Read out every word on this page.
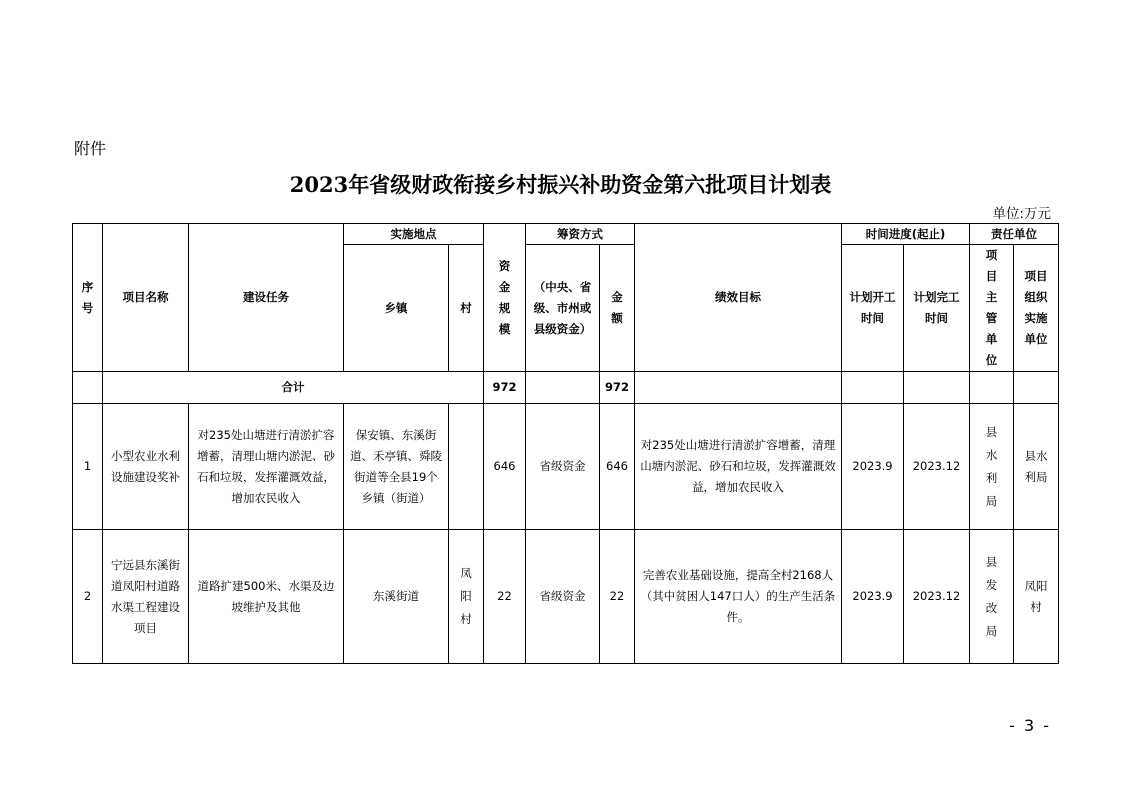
附件
2023年省级财政衔接乡村振兴补助资金第六批项目计划表
单位:万元
序号	项目名称	建设任务	实施地点		资金规模	筹资方式		绩效目标	时间进度(起止)		责任单位	
			乡镇	村		（中央、省级、市州或县级资金）	金额		计划开工时间	计划完工时间	项目主管单位	项目组织实施单位
	合计				972		972					
1	小型农业水利设施建设奖补	对235处山塘进行清淤扩容增蓄，清理山塘内淤泥、砂石和垃圾，发挥灌溉效益，增加农民收入	保安镇、东溪街道、禾亭镇、舜陵街道等全县19个乡镇（街道）		646	省级资金	646	对235处山塘进行清淤扩容增蓄，清理山塘内淤泥、砂石和垃圾，发挥灌溉效益，增加农民收入	2023.9	2023.12	县水利局	县水利局
2	宁远县东溪街道凤阳村道路水渠工程建设项目	道路扩建500米、水渠及边坡维护及其他	东溪街道	凤阳村	22	省级资金	22	完善农业基础设施，提高全村2168人（其中贫困人147口人）的生产生活条件。	2023.9	2023.12	县发改局	凤阳村
- 3 -
